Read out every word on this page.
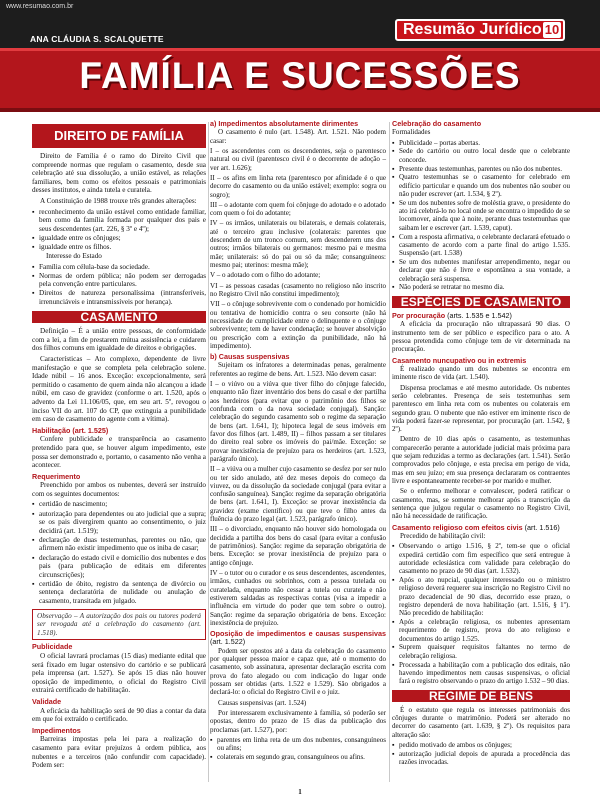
www.resumao.com.br
ANA CLÁUDIA S. SCALQUETTE
Resumão Jurídico 10
FAMÍLIA E SUCESSÕES
DIREITO DE FAMÍLIA

Direito de Família é o ramo do Direito Civil que compreende normas que regulam o casamento, desde sua celebração até sua dissolução, a união estável, as relações familiares, bem como os efeitos pessoais e patrimoniais desses institutos, e ainda tutela e curatela.

A Constituição de 1988 trouxe três grandes alterações:

▪ reconhecimento da união estável como entidade familiar, bem como da família formada por qualquer dos pais e seus descendentes (art. 226, § 3º e 4º);
▪ igualdade entre os cônjuges;
▪ igualdade entre os filhos.

Interesse do Estado

▪ Família com célula-base da sociedade.
▪ Normas de ordem pública; não podem ser derrogadas pela convenção entre particulares.
▪ Direitos de natureza personalíssima (intransferíveis, irrenunciáveis e intransmissíveis por herança).
CASAMENTO

Definição – É a união entre pessoas, de conformidade com a lei, a fim de prestarem mútua assistência e cuidarem dos filhos comuns em igualdade de direitos e obrigações.

Características – Ato complexo, dependente de livre manifestação e que se completa pela celebração solene. Idade núbil – 16 anos. Exceção: excepcionalmente, será permitido o casamento de quem ainda não alcançou a idade núbil, em caso de gravidez (conforme o art. 1.520, após o advento da Lei 11.106/05, que, em seu art. 5º, revogou o inciso VII do art. 107 do CP, que extinguia a punibilidade em caso de casamento do agente com a vítima).

Habilitação (art. 1.525)

Confere publicidade e transparência ao casamento pretendido para que, se houver algum impedimento, este possa ser demonstrado e, portanto, o casamento não venha a acontecer.

Requerimento

Preenchido por ambos os nubentes, deverá ser instruído com os seguintes documentos:

▪ certidão de nascimento;
▪ autorização para dependentes ou ato judicial que a supra; se os pais divergirem quanto ao consentimento, o juiz decidirá (art. 1.519);
▪ declaração de duas testemunhas, parentes ou não, que afirmem não existir impedimento que os iniba de casar;
▪ declaração do estado civil e domicílio dos nubentes e dos pais (para publicação de editais em diferentes circunscrições);
▪ certidão de óbito, registro da sentença de divórcio ou sentença declaratória de nulidade ou anulação de casamento, transitada em julgado.
Observação – A autorização dos pais ou tutores poderá ser revogada até a celebração do casamento (art. 1.518).
Publicidade

O oficial lavrará proclamas (15 dias) mediante edital que será fixado em lugar ostensivo do cartório e se publicará pela imprensa (art. 1.527). Se após 15 dias não houver oposição de impedimento, o oficial do Registro Civil extrairá certificado de habilitação.

Validade

A eficácia da habilitação será de 90 dias a contar da data em que foi extraído o certificado.

Impedimentos

Barreiras impostas pela lei para a realização do casamento para evitar prejuízos à ordem pública, aos nubentes e a terceiros (não confundir com capacidade). Podem ser:

a) Impedimentos absolutamente dirimentes

O casamento é nulo (art. 1.548). Art. 1.521. Não podem casar:

I – os ascendentes com os descendentes, seja o parentesco natural ou civil (parentesco civil é o decorrente de adoção – ver art. 1.626);

II – os afins em linha reta (parentesco por afinidade é o que decorre do casamento ou da união estável; exemplo: sogra ou sogro);

III – o adotante com quem foi cônjuge do adotado e o adotado com quem o foi do adotante;

IV – os irmãos, unilaterais ou bilaterais, e demais colaterais, até o terceiro grau inclusive (colaterais: parentes que descendem de um tronco comum, sem descenderem uns dos outros; irmãos bilaterais ou germanos: mesmo pai e mesma mãe; unilaterais: só do pai ou só da mãe; consanguíneos: mesmo pai; uterinos: mesma mãe);

V – o adotado com o filho do adotante;

VI – as pessoas casadas (casamento no religioso não inscrito no Registro Civil não constitui impedimento);

VII – o cônjuge sobrevivente com o condenado por homicídio ou tentativa de homicídio contra o seu consorte (não há necessidade de cumplicidade entre o delinquente e o cônjuge sobrevivente; tem de haver condenação; se houver absolvição ou prescrição com a extinção da punibilidade, não há impedimento).

b) Causas suspensivas

Sujeitam os infratores a determinadas penas, geralmente referentes ao regime de bens. Art. 1.523. Não devem casar:

I – o viúvo ou a viúva que tiver filho do cônjuge falecido, enquanto não fizer inventário dos bens do casal e der partilha aos herdeiros (para evitar que o patrimônio dos filhos se confunda com o da nova sociedade conjugal). Sanção: celebração do segundo casamento sob o regime da separação de bens (art. 1.641, I); hipoteca legal de seus imóveis em favor dos filhos (art. 1.489, II) – filhos passam a ser titulares do direito real sobre os imóveis do pai/mãe. Exceção: se provar inexistência de prejuízo para os herdeiros (art. 1.523, parágrafo único).

II – a viúva ou a mulher cujo casamento se desfez por ser nulo ou ter sido anulado, até dez meses depois do começo da viuvez, ou da dissolução da sociedade conjugal (para evitar a confusão sanguínea). Sanção: regime da separação obrigatória de bens (art. 1.641, I). Exceção: se provar inexistência da gravidez (exame científico) ou que teve o filho antes da fluência do prazo legal (art. 1.523, parágrafo único).

III – o divorciado, enquanto não houver sido homologada ou decidida a partilha dos bens do casal (para evitar a confusão de patrimônios). Sanção: regime da separação obrigatória de bens. Exceção: se provar inexistência de prejuízo para o antigo cônjuge.

IV – o tutor ou o curador e os seus descendentes, ascendentes, irmãos, cunhados ou sobrinhos, com a pessoa tutelada ou curatelada, enquanto não cessar a tutela ou curatela e não estiverem saldadas as respectivas contas (visa a impedir a influência em virtude do poder que tem sobre o outro). Sanção: regime da separação obrigatória de bens. Exceção: inexistência de prejuízo.

Oposição de impedimentos e causas suspensivas (art. 1.522)

Podem ser opostos até a data da celebração do casamento por qualquer pessoa maior e capaz que, até o momento do casamento, sob assinatura, apresentar declaração escrita com prova do fato alegado ou com indicação do lugar onde possam ser obtidas (arts. 1.522 e 1.529). São obrigados a declará-lo: o oficial do Registro Civil e o juiz.

Causas suspensivas (art. 1.524)

Por interessarem exclusivamente à família, só poderão ser opostas, dentro do prazo de 15 dias da publicação dos proclamas (art. 1.527), por:

▪ parentes em linha reta de um dos nubentes, consanguíneos ou afins;
▪ colaterais em segundo grau, consanguíneos ou afins.
Celebração do casamento

Formalidades

▪ Publicidade – portas abertas.
▪ Sede do cartório ou outro local desde que o celebrante concorde.
▪ Presente duas testemunhas, parentes ou não dos nubentes.
▪ Quatro testemunhas se o casamento for celebrado em edifício particular e quando um dos nubentes não souber ou não puder escrever (art. 1.534, § 2º).
▪ Se um dos nubentes sofre de moléstia grave, o presidente do ato irá celebrá-lo no local onde se encontra o impedido de se locomover, ainda que à noite, perante duas testemunhas que saibam ler e escrever (art. 1.539, caput).
▪ Com a resposta afirmativa, o celebrante declarará efetuado o casamento de acordo com a parte final do artigo 1.535. Suspensão (art. 1.538)
▪ Se um dos nubentes manifestar arrependimento, negar ou declarar que não é livre e espontânea a sua vontade, a celebração será suspensa.
▪ Não poderá se retratar no mesmo dia.
ESPÉCIES DE CASAMENTO
Por procuração (arts. 1.535 e 1.542)

A eficácia da procuração não ultrapassará 90 dias. O instrumento tem de ser público e específico para o ato. A pessoa pretendida como cônjuge tem de vir determinada na procuração.

Casamento nuncupativo ou in extremis

É realizado quando um dos nubentes se encontra em iminente risco de vida (art. 1.540).

Dispensa proclamas e até mesmo autoridade. Os nubentes serão celebrantes. Presença de seis testemunhas sem parentesco em linha reta com os nubentes ou colaterais em segundo grau. O nubente que não estiver em iminente risco de vida poderá fazer-se representar, por procuração (art. 1.542, § 2º).

Dentro de 10 dias após o casamento, as testemunhas comparecerão perante a autoridade judicial mais próxima para que sejam reduzidas a termo as declarações (art. 1.541). Serão comprovados pelo cônjuge, e esta precisa em perigo de vida, mas em seu juízo; em sua presença declararam os contraentes livre e espontaneamente receber-se por marido e mulher.

Se o enfermo melhorar e convalescer, poderá ratificar o casamento, mas, se somente melhorar após a transcrição da sentença que julgou regular o casamento no Registro Civil, não há necessidade de ratificação.

Casamento religioso com efeitos civis (art. 1.516)

Precedido de habilitação civil:

▪ Observando o artigo 1.516, § 2º, tem-se que o oficial expedirá certidão com fim específico que será entregue à autoridade eclesiástica com validade para celebração do casamento no prazo de 90 dias (art. 1.532).
▪ Após o ato nupcial, qualquer interessado ou o ministro religioso deverá requerer sua inscrição no Registro Civil no prazo decadencial de 90 dias, decorrido esse prazo, o registro dependerá de nova habilitação (art. 1.516, § 1º). Não precedido de habilitação:
▪ Após a celebração religiosa, os nubentes apresentam requerimento de registro, prova do ato religioso e documentos do artigo 1.525.
▪ Suprem quaisquer requisitos faltantes no termo de celebração religiosa.
▪ Processada a habilitação com a publicação dos editais, não havendo impedimentos nem causas suspensivas, o oficial fará o registro observando o prazo do artigo 1.532 – 90 dias.
REGIME DE BENS

É o estatuto que regula os interesses patrimoniais dos cônjuges durante o matrimônio. Poderá ser alterado no decorrer do casamento (art. 1.639, § 2º). Os requisitos para alteração são:

▪ pedido motivado de ambos os cônjuges;
▪ autorização judicial depois de apurada a procedência das razões invocadas.
1
